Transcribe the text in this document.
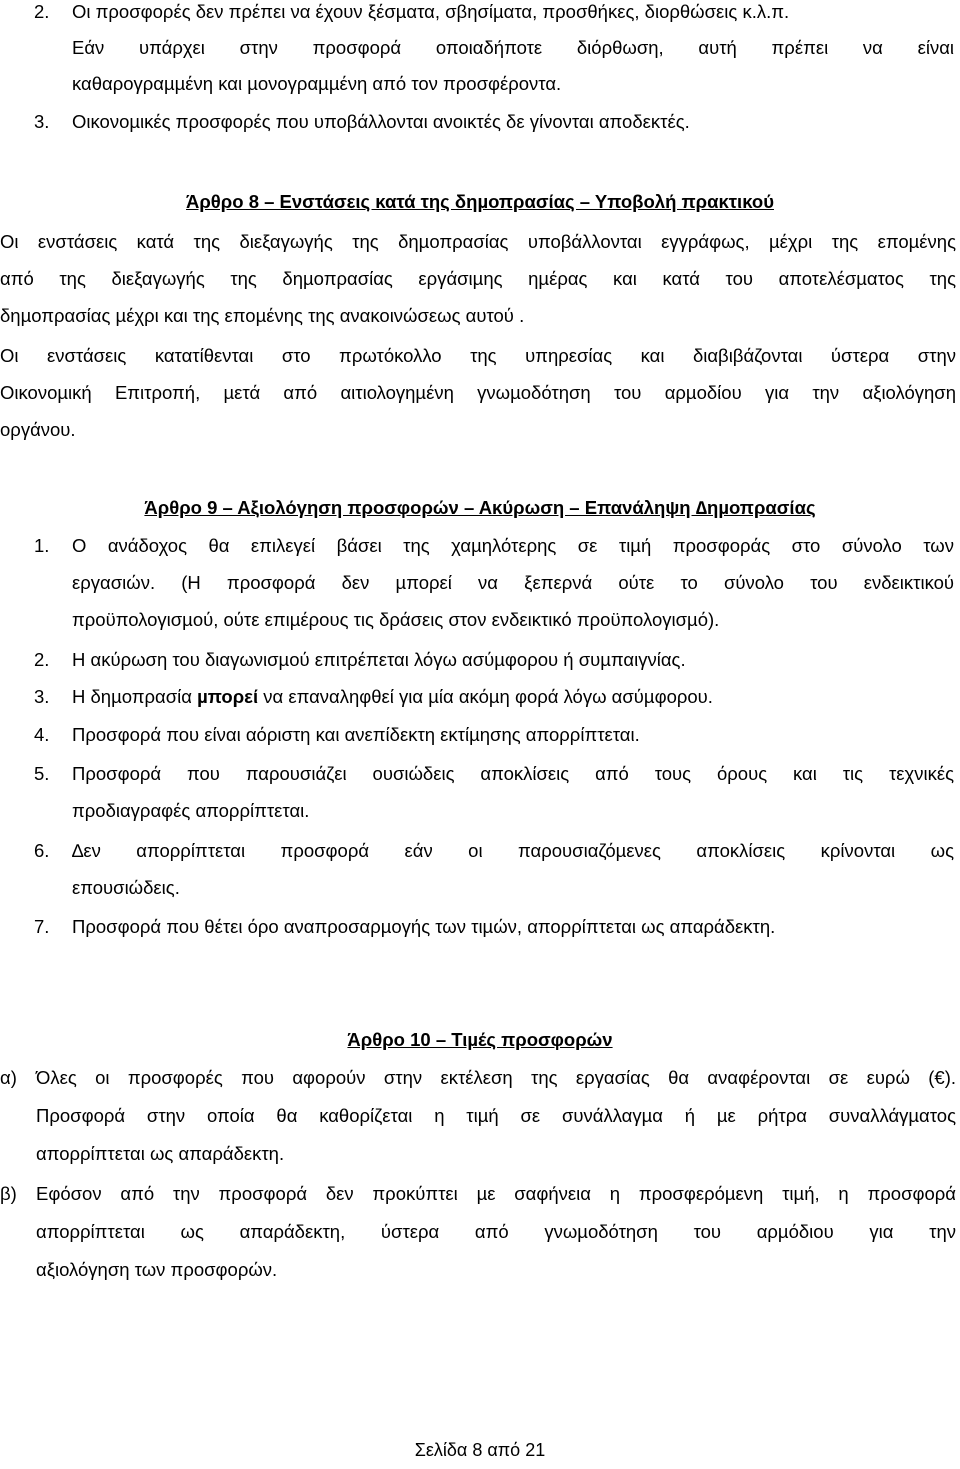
2.	Οι προσφορές δεν πρέπει να έχουν ξέσµατα, σβησίµατα, προσθήκες, διορθώσεις κ.λ.π.
Εάν υπάρχει στην προσφορά οποιαδήποτε διόρθωση, αυτή πρέπει να είναι
καθαρογραµµένη και µονογραµµένη από τον προσφέροντα.
3.	Οικονοµικές προσφορές που υποβάλλονται ανοικτές δε γίνονται αποδεκτές.
Άρθρο 8 – Ενστάσεις κατά της δηµοπρασίας – Υποβολή πρακτικού
Οι ενστάσεις κατά της διεξαγωγής της δηµοπρασίας υποβάλλονται εγγράφως, µέχρι της εποµένης
από της διεξαγωγής της δηµοπρασίας εργάσιµης ηµέρας και κατά του αποτελέσµατος της
δηµοπρασίας µέχρι και της εποµένης της ανακοινώσεως αυτού .
Οι ενστάσεις κατατίθενται στο πρωτόκολλο της υπηρεσίας και διαβιβάζονται ύστερα στην
Οικονοµική Επιτροπή, µετά από αιτιολογηµένη γνωµοδότηση του αρµοδίου για την αξιολόγηση
οργάνου.
Άρθρο 9 – Αξιολόγηση προσφορών – Ακύρωση – Επανάληψη ∆ηµοπρασίας
1.	Ο ανάδοχος θα επιλεγεί βάσει της χαµηλότερης σε τιµή προσφοράς στο σύνολο των
εργασιών. (Η προσφορά δεν µπορεί να ξεπερνά ούτε το σύνολο του ενδεικτικού
προϋπολογισµού, ούτε επιµέρους τις δράσεις στον ενδεικτικό προϋπολογισµό).
2.	Η ακύρωση του διαγωνισµού επιτρέπεται λόγω ασύµφορου ή συµπαιγνίας.
3.	Η δηµοπρασία µπορεί να επαναληφθεί για µία ακόµη φορά λόγω ασύµφορου.
4.	Προσφορά που είναι αόριστη και ανεπίδεκτη εκτίµησης απορρίπτεται.
5.	Προσφορά που παρουσιάζει ουσιώδεις αποκλίσεις από τους όρους και τις τεχνικές
προδιαγραφές απορρίπτεται.
6.	∆εν απορρίπτεται προσφορά εάν οι παρουσιαζόµενες αποκλίσεις κρίνονται ως
επουσιώδεις.
7.	Προσφορά που θέτει όρο αναπροσαρµογής των τιµών, απορρίπτεται ως απαράδεκτη.
Άρθρο 10 – Τιµές προσφορών
α)	Όλες οι προσφορές που αφορούν στην εκτέλεση της εργασίας θα αναφέρονται σε ευρώ (€).
Προσφορά στην οποία θα καθορίζεται η τιµή σε συνάλλαγµα ή µε ρήτρα συναλλάγµατος
απορρίπτεται ως απαράδεκτη.
β)	Εφόσον από την προσφορά δεν προκύπτει µε σαφήνεια η προσφερόµενη τιµή, η προσφορά
απορρίπτεται ως απαράδεκτη, ύστερα από γνωµοδότηση του αρµόδιου για την
αξιολόγηση των προσφορών.
Σελίδα 8 από 21
